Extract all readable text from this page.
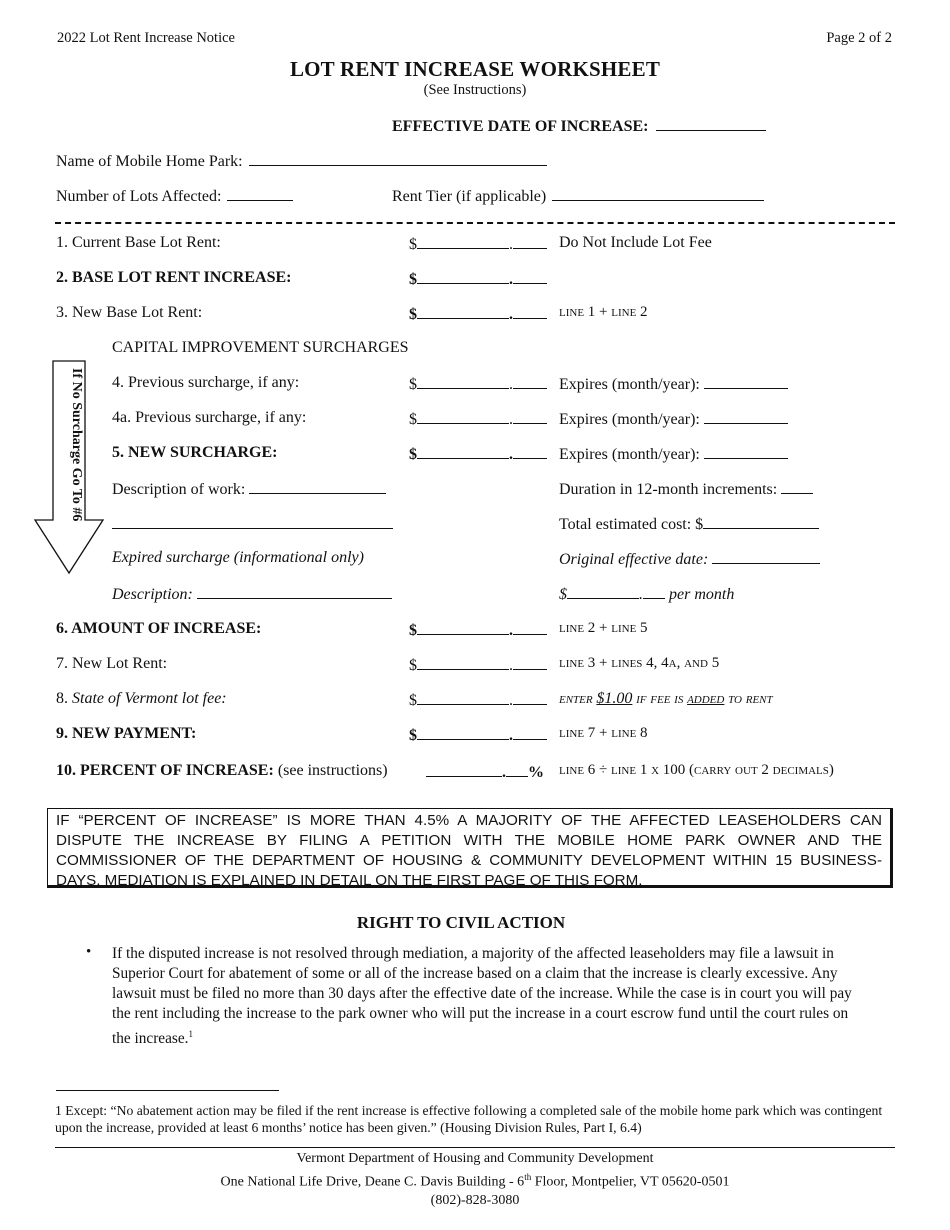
2022 Lot Rent Increase Notice	Page 2 of 2
LOT RENT INCREASE WORKSHEET
(See Instructions)
EFFECTIVE DATE OF INCREASE:
Name of Mobile Home Park:
Number of Lots Affected:	Rent Tier (if applicable)
1. Current Base Lot Rent:	$	.	Do Not Include Lot Fee
2. BASE LOT RENT INCREASE:	$	.
3. New Base Lot Rent:	$	.	line 1 + line 2
CAPITAL IMPROVEMENT SURCHARGES
If No Surcharge Go To #6 4. Previous surcharge, if any:	$	.	Expires (month/year):
4a. Previous surcharge, if any:	$	.	Expires (month/year):
5. NEW SURCHARGE:	$	.	Expires (month/year):
Description of work:	Duration in 12-month increments:
Total estimated cost: $
Expired surcharge (informational only)	Original effective date:
Description:	$	. per month
6. AMOUNT OF INCREASE:	$	.	line 2 + line 5
7. New Lot Rent:	$	.	line 3 + lines 4, 4a, and 5
8. State of Vermont lot fee:	$	.	enter $1.00 if fee is added to rent
9. NEW PAYMENT:	$	.	line 7 + line 8
10. PERCENT OF INCREASE: (see instructions)	. % line 6 ÷ line 1 x 100 (carry out 2 decimals)
IF “PERCENT OF INCREASE” IS MORE THAN 4.5% A MAJORITY OF THE AFFECTED LEASEHOLDERS CAN DISPUTE THE INCREASE BY FILING A PETITION WITH THE MOBILE HOME PARK OWNER AND THE COMMISSIONER OF THE DEPARTMENT OF HOUSING & COMMUNITY DEVELOPMENT WITHIN 15 BUSINESS-DAYS. MEDIATION IS EXPLAINED IN DETAIL ON THE FIRST PAGE OF THIS FORM.
RIGHT TO CIVIL ACTION
• If the disputed increase is not resolved through mediation, a majority of the affected leaseholders may file a lawsuit in Superior Court for abatement of some or all of the increase based on a claim that the increase is clearly excessive. Any lawsuit must be filed no more than 30 days after the effective date of the increase. While the case is in court you will pay the rent including the increase to the park owner who will put the increase in a court escrow fund until the court rules on the increase.$^1$
1 Except: “No abatement action may be filed if the rent increase is effective following a completed sale of the mobile home park which was contingent upon the increase, provided at least 6 months’ notice has been given.” (Housing Division Rules, Part I, 6.4)
Vermont Department of Housing and Community Development
One National Life Drive, Deane C. Davis Building - 6th Floor, Montpelier, VT 05620-0501
(802)-828-3080
